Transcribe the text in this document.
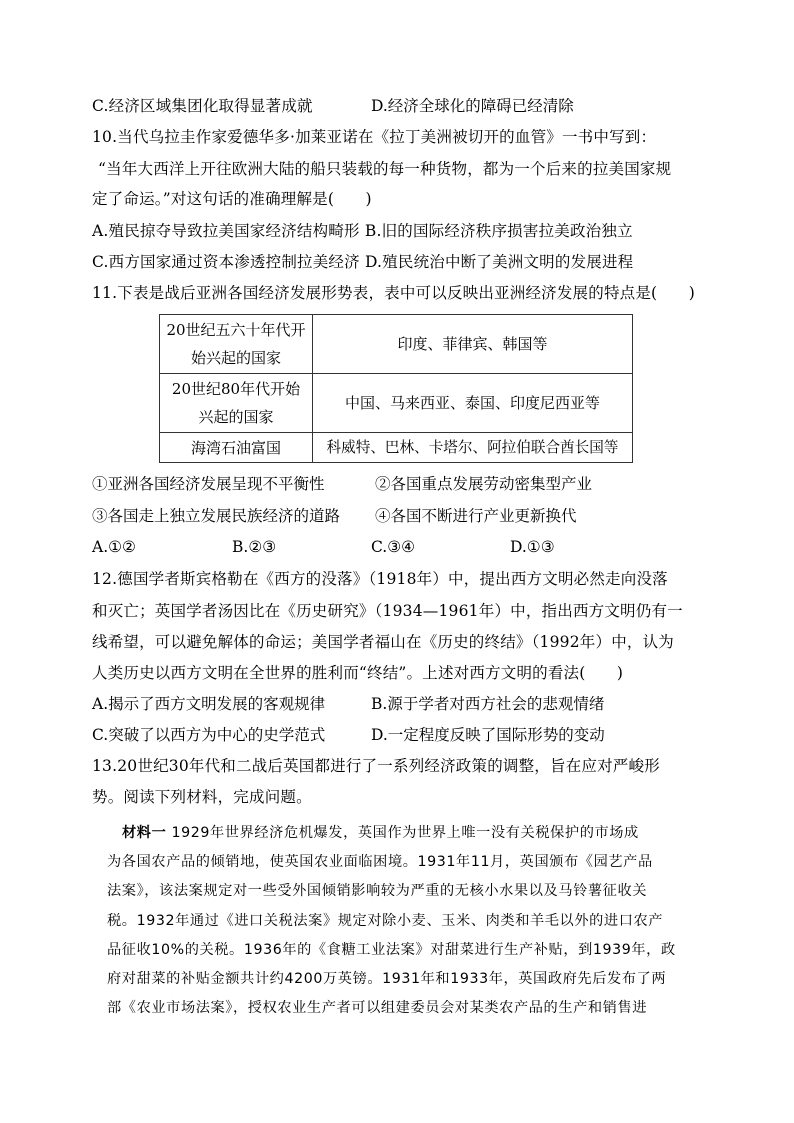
C.经济区域集团化取得显著成就	D.经济全球化的障碍已经清除
10.当代乌拉圭作家爱德华多·加莱亚诺在《拉丁美洲被切开的血管》一书中写到：
“当年大西洋上开往欧洲大陆的船只装载的每一种货物，都为一个后来的拉美国家规
定了命运。”对这句话的准确理解是(　　)
A.殖民掠夺导致拉美国家经济结构畸形 B.旧的国际经济秩序损害拉美政治独立
C.西方国家通过资本渗透控制拉美经济 D.殖民统治中断了美洲文明的发展进程
11.下表是战后亚洲各国经济发展形势表，表中可以反映出亚洲经济发展的特点是(　　)
20世纪五六十年代开
始兴起的国家	印度、菲律宾、韩国等

20世纪80年代开始
兴起的国家	中国、马来西亚、泰国、印度尼西亚等
海湾石油富国	科威特、巴林、卡塔尔、阿拉伯联合酋长国等
①亚洲各国经济发展呈现不平衡性	②各国重点发展劳动密集型产业
③各国走上独立发展民族经济的道路 ④各国不断进行产业更新换代
A.①②	B.②③	C.③④	D.①③
12.德国学者斯宾格勒在《西方的没落》（1918年）中，提出西方文明必然走向没落
和灭亡；英国学者汤因比在《历史研究》（1934—1961年）中，指出西方文明仍有一
线希望，可以避免解体的命运；美国学者福山在《历史的终结》（1992年）中，认为
人类历史以西方文明在全世界的胜利而“终结”。上述对西方文明的看法(　　)
A.揭示了西方文明发展的客观规律	B.源于学者对西方社会的悲观情绪
C.突破了以西方为中心的史学范式	D.一定程度反映了国际形势的变动
13.20世纪30年代和二战后英国都进行了一系列经济政策的调整，旨在应对严峻形
势。阅读下列材料，完成问题。
材料一 1929年世界经济危机爆发，英国作为世界上唯一没有关税保护的市场成
为各国农产品的倾销地，使英国农业面临困境。1931年11月，英国颁布《园艺产品
法案》，该法案规定对一些受外国倾销影响较为严重的无核小水果以及马铃薯征收关
税。1932年通过《进口关税法案》规定对除小麦、玉米、肉类和羊毛以外的进口农产
品征收10%的关税。1936年的《食糖工业法案》对甜菜进行生产补贴，到1939年，政
府对甜菜的补贴金额共计约4200万英镑。1931年和1933年，英国政府先后发布了两
部《农业市场法案》，授权农业生产者可以组建委员会对某类农产品的生产和销售进
